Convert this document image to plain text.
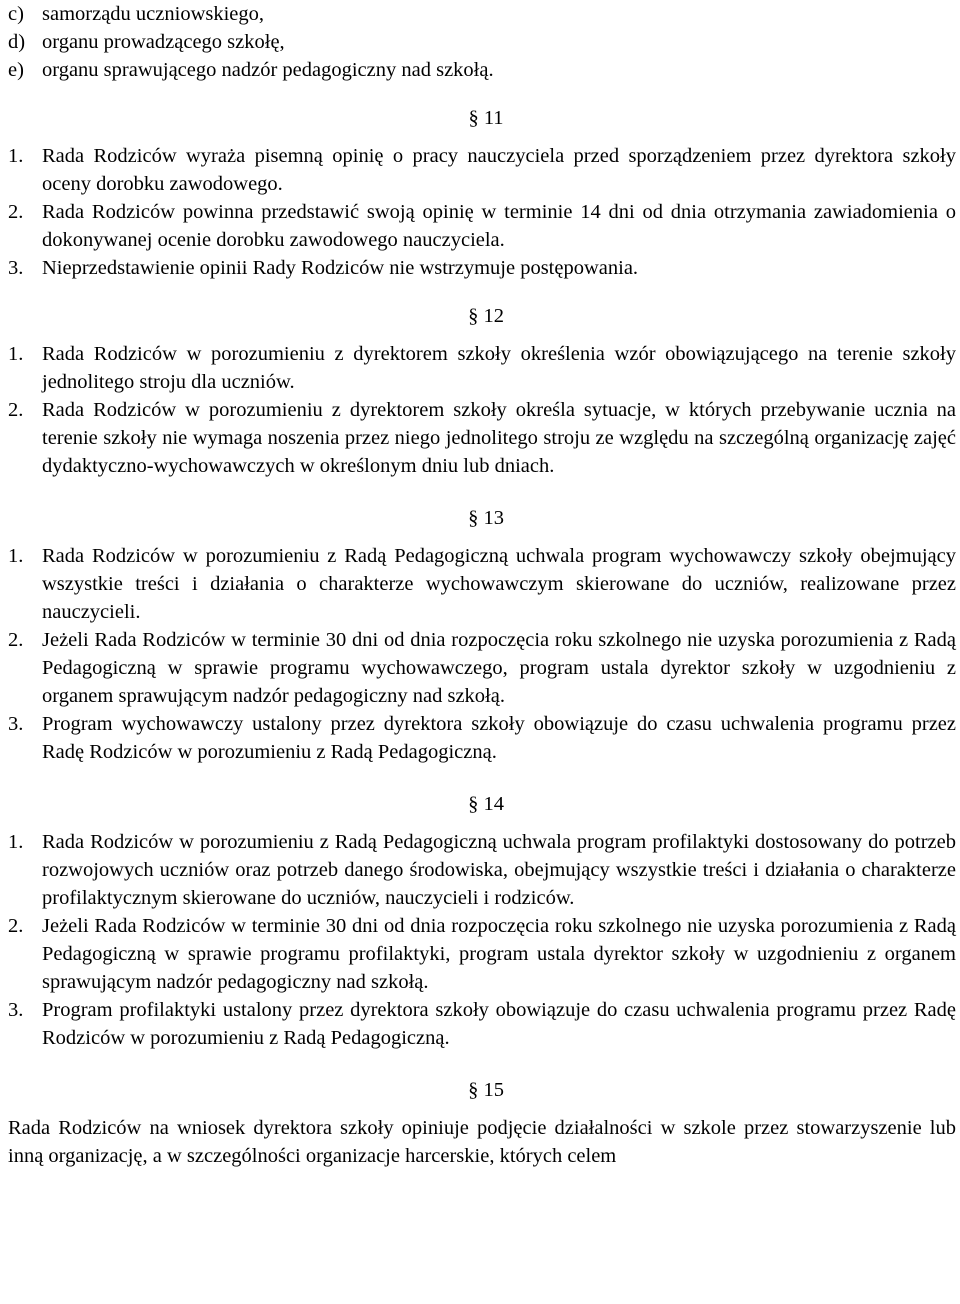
c) samorządu uczniowskiego,
d) organu prowadzącego szkołę,
e) organu sprawującego nadzór pedagogiczny nad szkołą.
§ 11
1. Rada Rodziców wyraża pisemną opinię o pracy nauczyciela przed sporządzeniem przez dyrektora szkoły oceny dorobku zawodowego.
2. Rada Rodziców powinna przedstawić swoją opinię w terminie 14 dni od dnia otrzymania zawiadomienia o dokonywanej ocenie dorobku zawodowego nauczyciela.
3. Nieprzedstawienie opinii Rady Rodziców nie wstrzymuje postępowania.
§ 12
1. Rada Rodziców w porozumieniu z dyrektorem szkoły określenia wzór obowiązującego na terenie szkoły jednolitego stroju dla uczniów.
2. Rada Rodziców w porozumieniu z dyrektorem szkoły określa sytuacje, w których przebywanie ucznia na terenie szkoły nie wymaga noszenia przez niego jednolitego stroju ze względu na szczególną organizację zajęć dydaktyczno-wychowawczych w określonym dniu lub dniach.
§ 13
1. Rada Rodziców w porozumieniu z Radą Pedagogiczną uchwala program wychowawczy szkoły obejmujący wszystkie treści i działania o charakterze wychowawczym skierowane do uczniów, realizowane przez nauczycieli.
2. Jeżeli Rada Rodziców w terminie 30 dni od dnia rozpoczęcia roku szkolnego nie uzyska porozumienia z Radą Pedagogiczną w sprawie programu wychowawczego, program ustala dyrektor szkoły w uzgodnieniu z organem sprawującym nadzór pedagogiczny nad szkołą.
3. Program wychowawczy ustalony przez dyrektora szkoły obowiązuje do czasu uchwalenia programu przez Radę Rodziców w porozumieniu z Radą Pedagogiczną.
§ 14
1. Rada Rodziców w porozumieniu z Radą Pedagogiczną uchwala program profilaktyki dostosowany do potrzeb rozwojowych uczniów oraz potrzeb danego środowiska, obejmujący wszystkie treści i działania o charakterze profilaktycznym skierowane do uczniów, nauczycieli i rodziców.
2. Jeżeli Rada Rodziców w terminie 30 dni od dnia rozpoczęcia roku szkolnego nie uzyska porozumienia z Radą Pedagogiczną w sprawie programu profilaktyki, program ustala dyrektor szkoły w uzgodnieniu z organem sprawującym nadzór pedagogiczny nad szkołą.
3. Program profilaktyki ustalony przez dyrektora szkoły obowiązuje do czasu uchwalenia programu przez Radę Rodziców w porozumieniu z Radą Pedagogiczną.
§ 15

Rada Rodziców na wniosek dyrektora szkoły opiniuje podjęcie działalności w szkole przez stowarzyszenie lub inną organizację, a w szczególności organizacje harcerskie, których celem
